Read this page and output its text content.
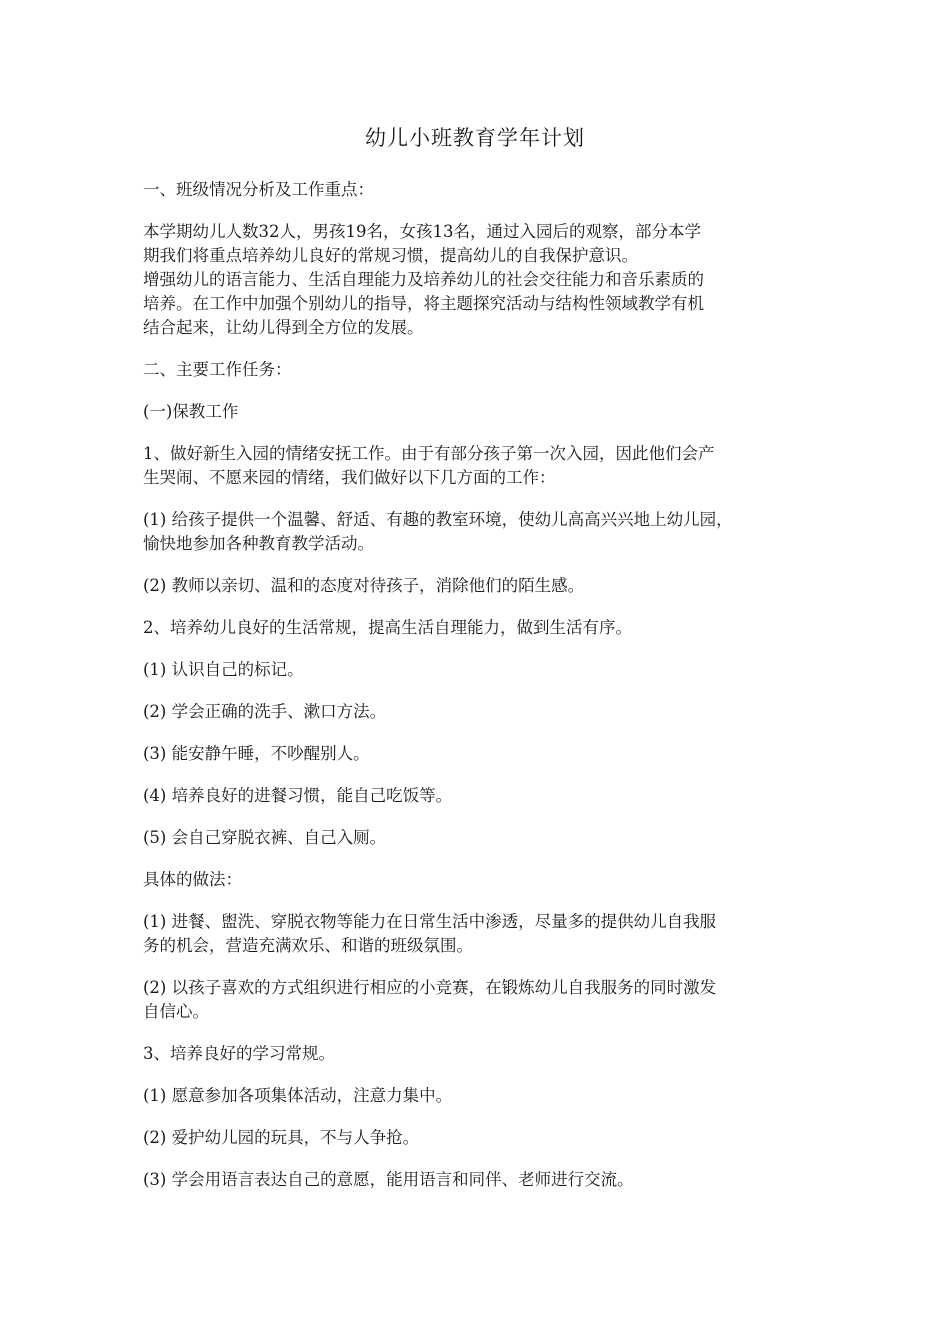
幼儿小班教育学年计划

一、班级情况分析及工作重点：

本学期幼儿人数32人，男孩19名，女孩13名，通过入园后的观察，部分本学
期我们将重点培养幼儿良好的常规习惯，提高幼儿的自我保护意识。
增强幼儿的语言能力、生活自理能力及培养幼儿的社会交往能力和音乐素质的
培养。在工作中加强个别幼儿的指导，将主题探究活动与结构性领域教学有机
结合起来，让幼儿得到全方位的发展。

二、主要工作任务：

(一)保教工作

1、做好新生入园的情绪安抚工作。由于有部分孩子第一次入园，因此他们会产
生哭闹、不愿来园的情绪，我们做好以下几方面的工作：

(1) 给孩子提供一个温馨、舒适、有趣的教室环境，使幼儿高高兴兴地上幼儿园，
愉快地参加各种教育教学活动。

(2) 教师以亲切、温和的态度对待孩子，消除他们的陌生感。

2、培养幼儿良好的生活常规，提高生活自理能力，做到生活有序。

(1) 认识自己的标记。

(2) 学会正确的洗手、漱口方法。

(3) 能安静午睡，不吵醒别人。

(4) 培养良好的进餐习惯，能自己吃饭等。

(5) 会自己穿脱衣裤、自己入厕。

具体的做法：

(1) 进餐、盥洗、穿脱衣物等能力在日常生活中渗透，尽量多的提供幼儿自我服
务的机会，营造充满欢乐、和谐的班级氛围。

(2) 以孩子喜欢的方式组织进行相应的小竞赛，在锻炼幼儿自我服务的同时激发
自信心。

3、培养良好的学习常规。

(1) 愿意参加各项集体活动，注意力集中。

(2) 爱护幼儿园的玩具，不与人争抢。

(3) 学会用语言表达自己的意愿，能用语言和同伴、老师进行交流。
